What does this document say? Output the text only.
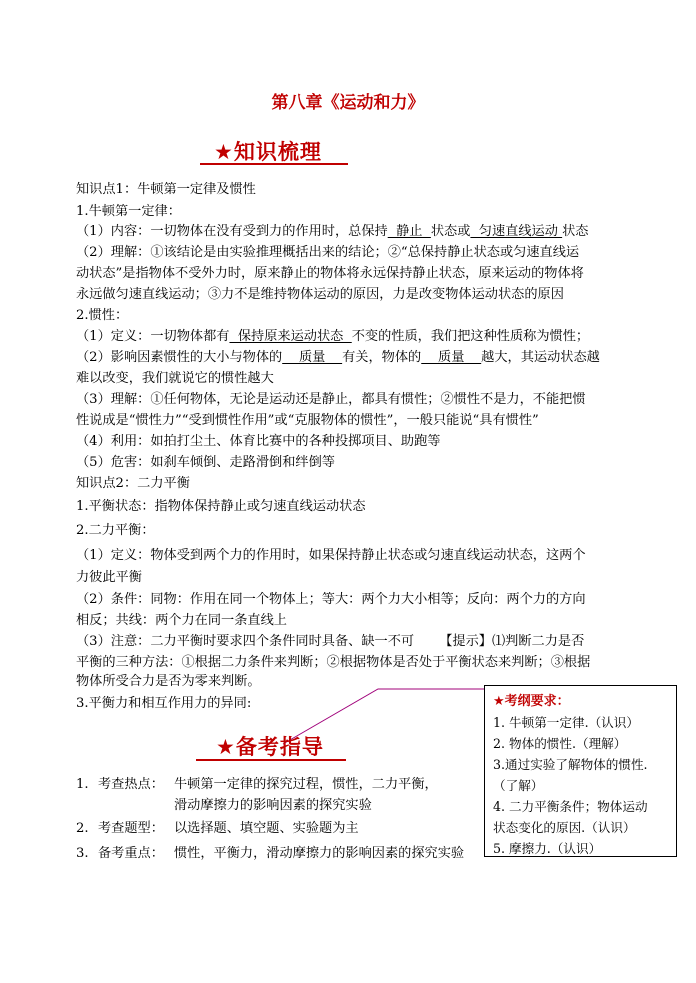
第八章《运动和力》
★知识梳理
知识点1：牛顿第一定律及惯性
1.牛顿第一定律：
（1）内容：一切物体在没有受到力的作用时，总保持  静止  状态或  匀速直线运动 状态
（2）理解：①该结论是由实验推理概括出来的结论；②“总保持静止状态或匀速直线运
动状态”是指物体不受外力时，原来静止的物体将永远保持静止状态，原来运动的物体将
永远做匀速直线运动；③力不是维持物体运动的原因，力是改变物体运动状态的原因
2.惯性：
（1）定义：一切物体都有  保持原来运动状态  不变的性质，我们把这种性质称为惯性；
（2）影响因素惯性的大小与物体的    质量    有关，物体的    质量    越大，其运动状态越
难以改变，我们就说它的惯性越大
（3）理解：①任何物体，无论是运动还是静止，都具有惯性；②惯性不是力，不能把惯
性说成是“惯性力”“受到惯性作用”或“克服物体的惯性”，一般只能说“具有惯性”
（4）利用：如拍打尘土、体育比赛中的各种投掷项目、助跑等
（5）危害：如刹车倾倒、走路滑倒和绊倒等
知识点2：二力平衡
1.平衡状态：指物体保持静止或匀速直线运动状态
2.二力平衡：
（1）定义：物体受到两个力的作用时，如果保持静止状态或匀速直线运动状态，这两个
力彼此平衡
（2）条件：同物：作用在同一个物体上；等大：两个力大小相等；反向：两个力的方向
相反；共线：两个力在同一条直线上
（3）注意：二力平衡时要求四个条件同时具备、缺一不可      【提示】⑴判断二力是否
平衡的三种方法：①根据二力条件来判断；②根据物体是否处于平衡状态来判断；③根据
物体所受合力是否为零来判断。
3.平衡力和相互作用力的异同:
★备考指导
1. 考查热点： 牛顿第一定律的探究过程，惯性，二力平衡，
滑动摩擦力的影响因素的探究实验
2. 考查题型： 以选择题、填空题、实验题为主
3. 备考重点： 惯性，平衡力，滑动摩擦力的影响因素的探究实验
★考纲要求：
1. 牛顿第一定律.（认识）
2. 物体的惯性.（理解）
3.通过实验了解物体的惯性.
（了解）
4. 二力平衡条件；物体运动
状态变化的原因.（认识）
5. 摩擦力.（认识）
